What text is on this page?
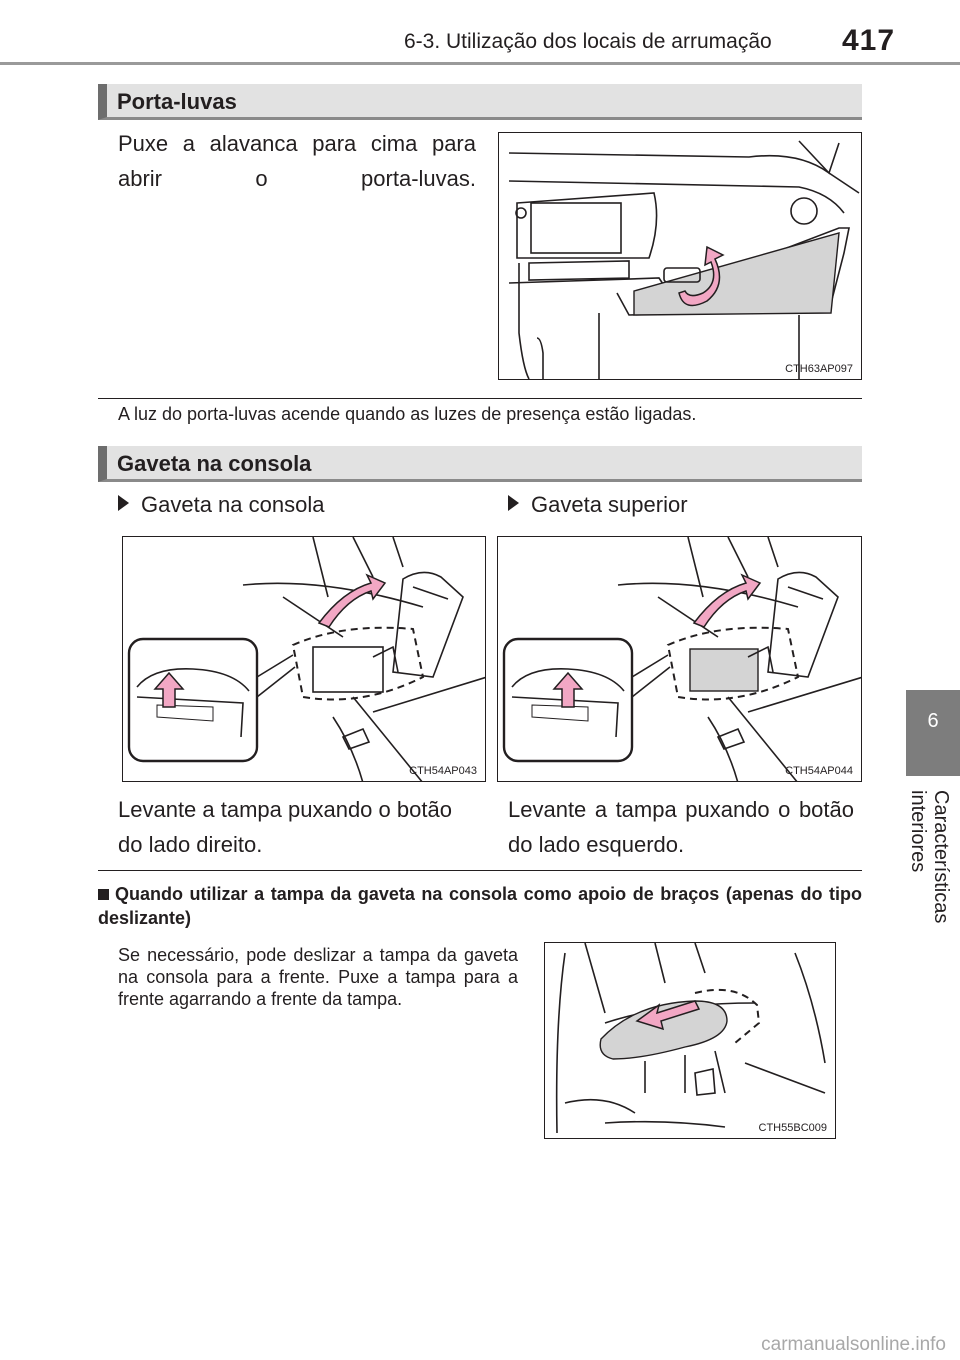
6-3. Utilização dos locais de arrumação 417
6
Características interiores
Porta-luvas
Puxe a alavanca para cima para abrir o porta-luvas.
CTH63AP097
A luz do porta-luvas acende quando as luzes de presença estão ligadas.
Gaveta na consola
Gaveta na consola	Gaveta superior
CTH54AP043	CTH54AP044
Levante a tampa puxando o botão do lado direito.
Levante a tampa puxando o botão do lado esquerdo.
Quando utilizar a tampa da gaveta na consola como apoio de braços (apenas do tipo deslizante)
Se necessário, pode deslizar a tampa da gaveta na consola para a frente. Puxe a tampa para a frente agarrando a frente da tampa.
CTH55BC009
carmanualsonline.info
